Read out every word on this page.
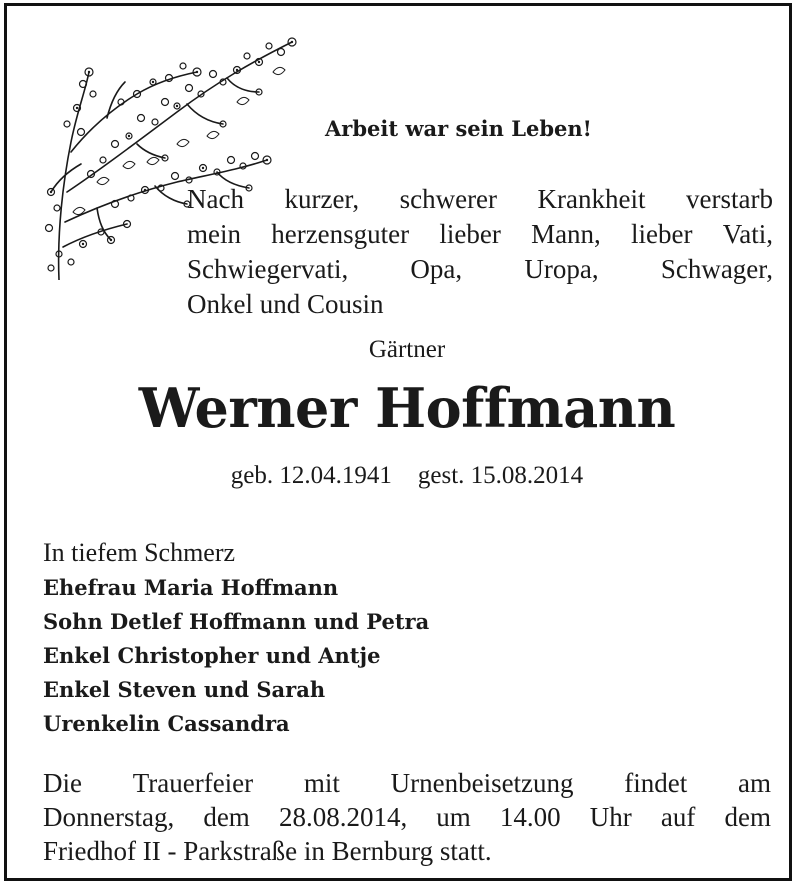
Arbeit war sein Leben!
Nach kurzer, schwerer Krankheit verstarb
mein herzensguter lieber Mann, lieber Vati,
Schwiegervati, Opa, Uropa, Schwager,
Onkel und Cousin
Gärtner
Werner Hoffmann
geb. 12.04.1941 gest. 15.08.2014
In tiefem Schmerz
Ehefrau Maria Hoffmann
Sohn Detlef Hoffmann und Petra
Enkel Christopher und Antje
Enkel Steven und Sarah
Urenkelin Cassandra
Die Trauerfeier mit Urnenbeisetzung findet am
Donnerstag, dem 28.08.2014, um 14.00 Uhr auf dem
Friedhof II - Parkstraße in Bernburg statt.
